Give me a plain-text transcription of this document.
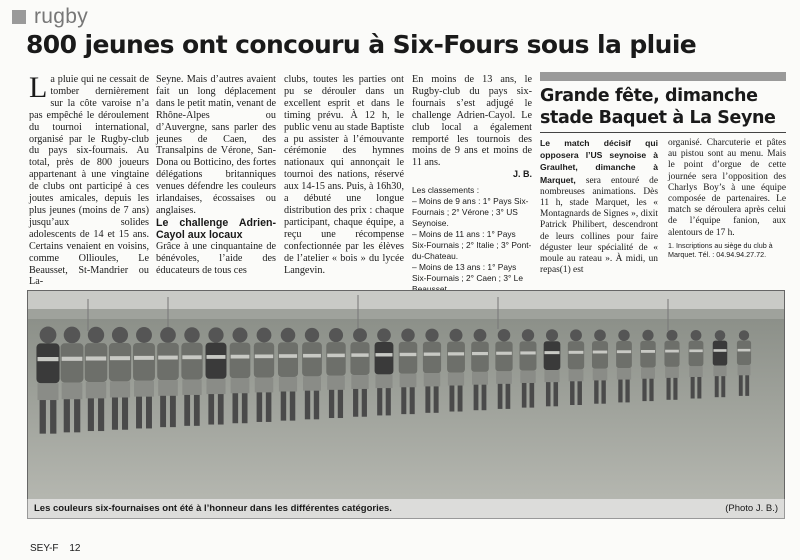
rugby
800 jeunes ont concouru à Six-Fours sous la pluie

La pluie qui ne cessait de tomber dernièrement sur la côte varoise n’a pas empêché le déroulement du tournoi international, organisé par le Rugby-club du pays six-fournais. Au total, près de 800 joueurs appartenant à une vingtaine de clubs ont participé à ces joutes amicales, depuis les plus jeunes (moins de 7 ans) jusqu’aux solides adolescents de 14 et 15 ans. Certains venaient en voisins, comme Ollioules, Le Beausset, St-Mandrier ou La-

Seyne. Mais d’autres avaient fait un long déplacement dans le petit matin, venant de Rhône-Alpes ou d’Auvergne, sans parler des jeunes de Caen, des Transalpins de Vérone, San-Dona ou Botticino, des fortes délégations britanniques venues défendre les couleurs irlandaises, écossaises ou anglaises.

Le challenge Adrien-Cayol aux locaux

Grâce à une cinquantaine de bénévoles, l’aide des éducateurs de tous ces

clubs, toutes les parties ont pu se dérouler dans un excellent esprit et dans le timing prévu. À 12 h, le public venu au stade Baptiste a pu assister à l’émouvante cérémonie des hymnes nationaux qui annonçait le tournoi des nations, réservé aux 14-15 ans. Puis, à 16h30, a débuté une longue distribution des prix : chaque participant, chaque équipe, a reçu une récompense confectionnée par les élèves de l’atelier « bois » du lycée Langevin.

En moins de 13 ans, le Rugby-club du pays six-fournais s’est adjugé le challenge Adrien-Cayol. Le club local a également remporté les tournois des moins de 9 ans et moins de 11 ans.

J. B.

Les classements :
– Moins de 9 ans : 1° Pays Six-Fournais ; 2° Vérone ; 3° US Seynoise.
– Moins de 11 ans : 1° Pays Six-Fournais ; 2° Italie ; 3° Pont-du-Chateau.
– Moins de 13 ans : 1° Pays Six-Fournais ; 2° Caen ; 3° Le
Grande fête, dimanche stade Baquet à La Seyne
Le match décisif qui opposera l’US seynoise à Graulhet, dimanche à Marquet, sera entouré de nombreuses animations. Dès 11 h, stade Marquet, les « Montagnards de Signes », dixit Patrick Philibert, descendront de leurs collines pour faire déguster leur spécialité de « moule au rateau ». À midi, un repas(1) est

organisé. Charcuterie et pâtes au pistou sont au menu. Mais le point d’orgue de cette journée sera l’opposition des Charlys Boy’s à une équipe composée de partenaires. Le match se déroulera après celui de l’équipe fanion, aux alentours de 17 h.

1. Inscriptions au siège du club à Marquet. Tél. : 04.94.94.27.72.

Les couleurs six-fournaises ont été à l’honneur dans les différentes catégories.	(Photo J. B.)
SEY-F 12
